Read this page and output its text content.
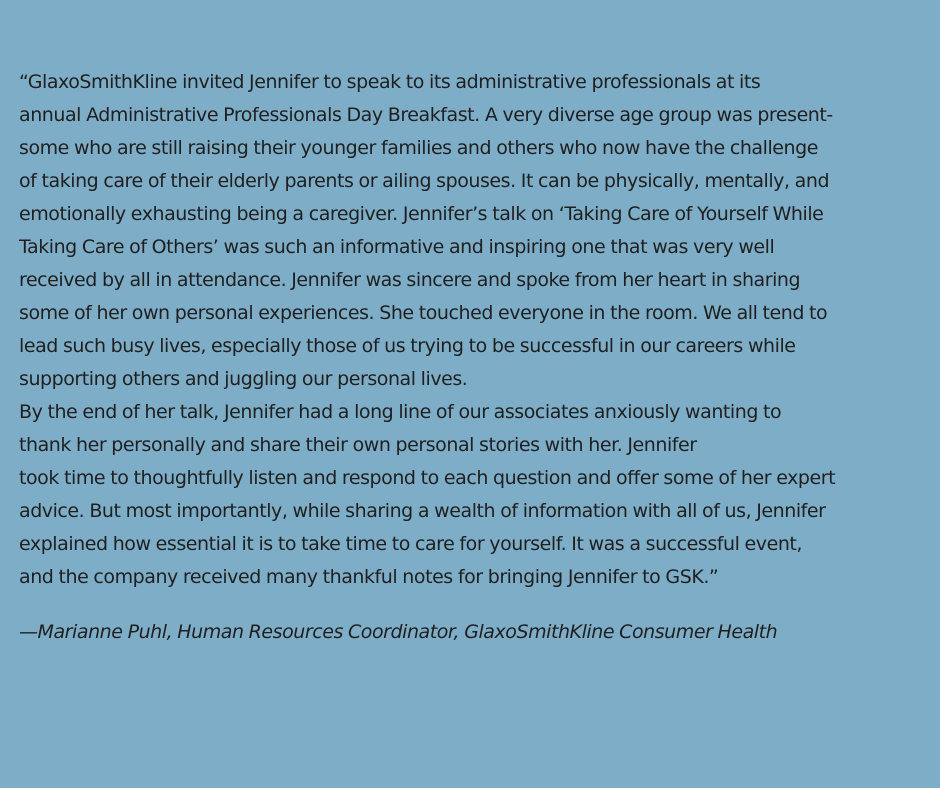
“GlaxoSmithKline invited Jennifer to speak to its administrative professionals at its
annual Administrative Professionals Day Breakfast. A very diverse age group was present-
some who are still raising their younger families and others who now have the challenge
of taking care of their elderly parents or ailing spouses. It can be physically, mentally, and
emotionally exhausting being a caregiver. Jennifer’s talk on ‘Taking Care of Yourself While
Taking Care of Others’ was such an informative and inspiring one that was very well
received by all in attendance. Jennifer was sincere and spoke from her heart in sharing
some of her own personal experiences. She touched everyone in the room. We all tend to
lead such busy lives, especially those of us trying to be successful in our careers while
supporting others and juggling our personal lives.
By the end of her talk, Jennifer had a long line of our associates anxiously wanting to
thank her personally and share their own personal stories with her. Jennifer
took time to thoughtfully listen and respond to each question and offer some of her expert
advice. But most importantly, while sharing a wealth of information with all of us, Jennifer
explained how essential it is to take time to care for yourself. It was a successful event,
and the company received many thankful notes for bringing Jennifer to GSK.”

—Marianne Puhl, Human Resources Coordinator, GlaxoSmithKline Consumer Health
